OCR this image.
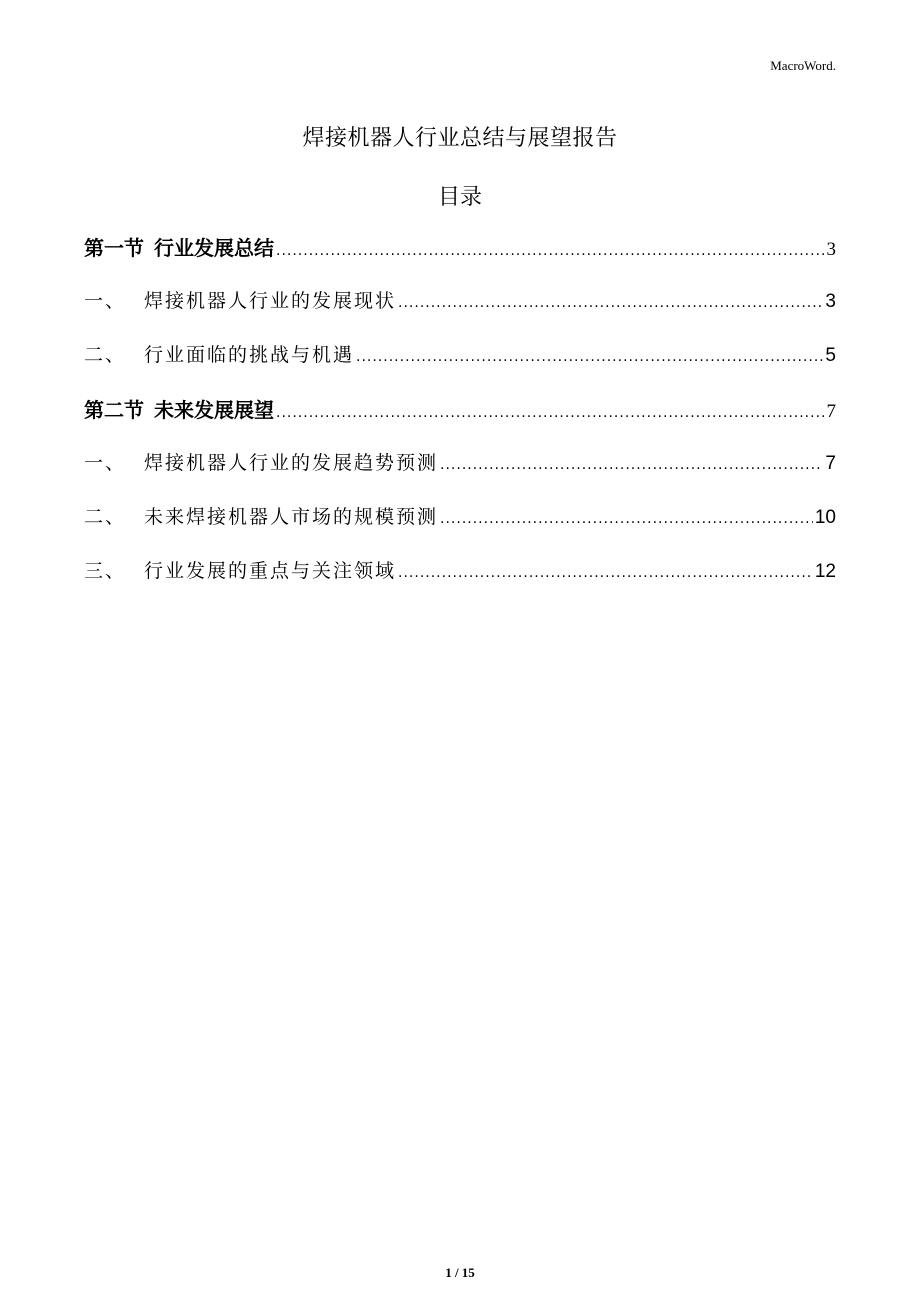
MacroWord.
焊接机器人行业总结与展望报告
目录
第一节 行业发展总结 .....	3
一、 焊接机器人行业的发展现状 .....	3
二、 行业面临的挑战与机遇 .....	5
第二节 未来发展展望 .....	7
一、 焊接机器人行业的发展趋势预测 .....	7
二、 未来焊接机器人市场的规模预测 .....	10
三、 行业发展的重点与关注领域 .....	12
1 / 15
